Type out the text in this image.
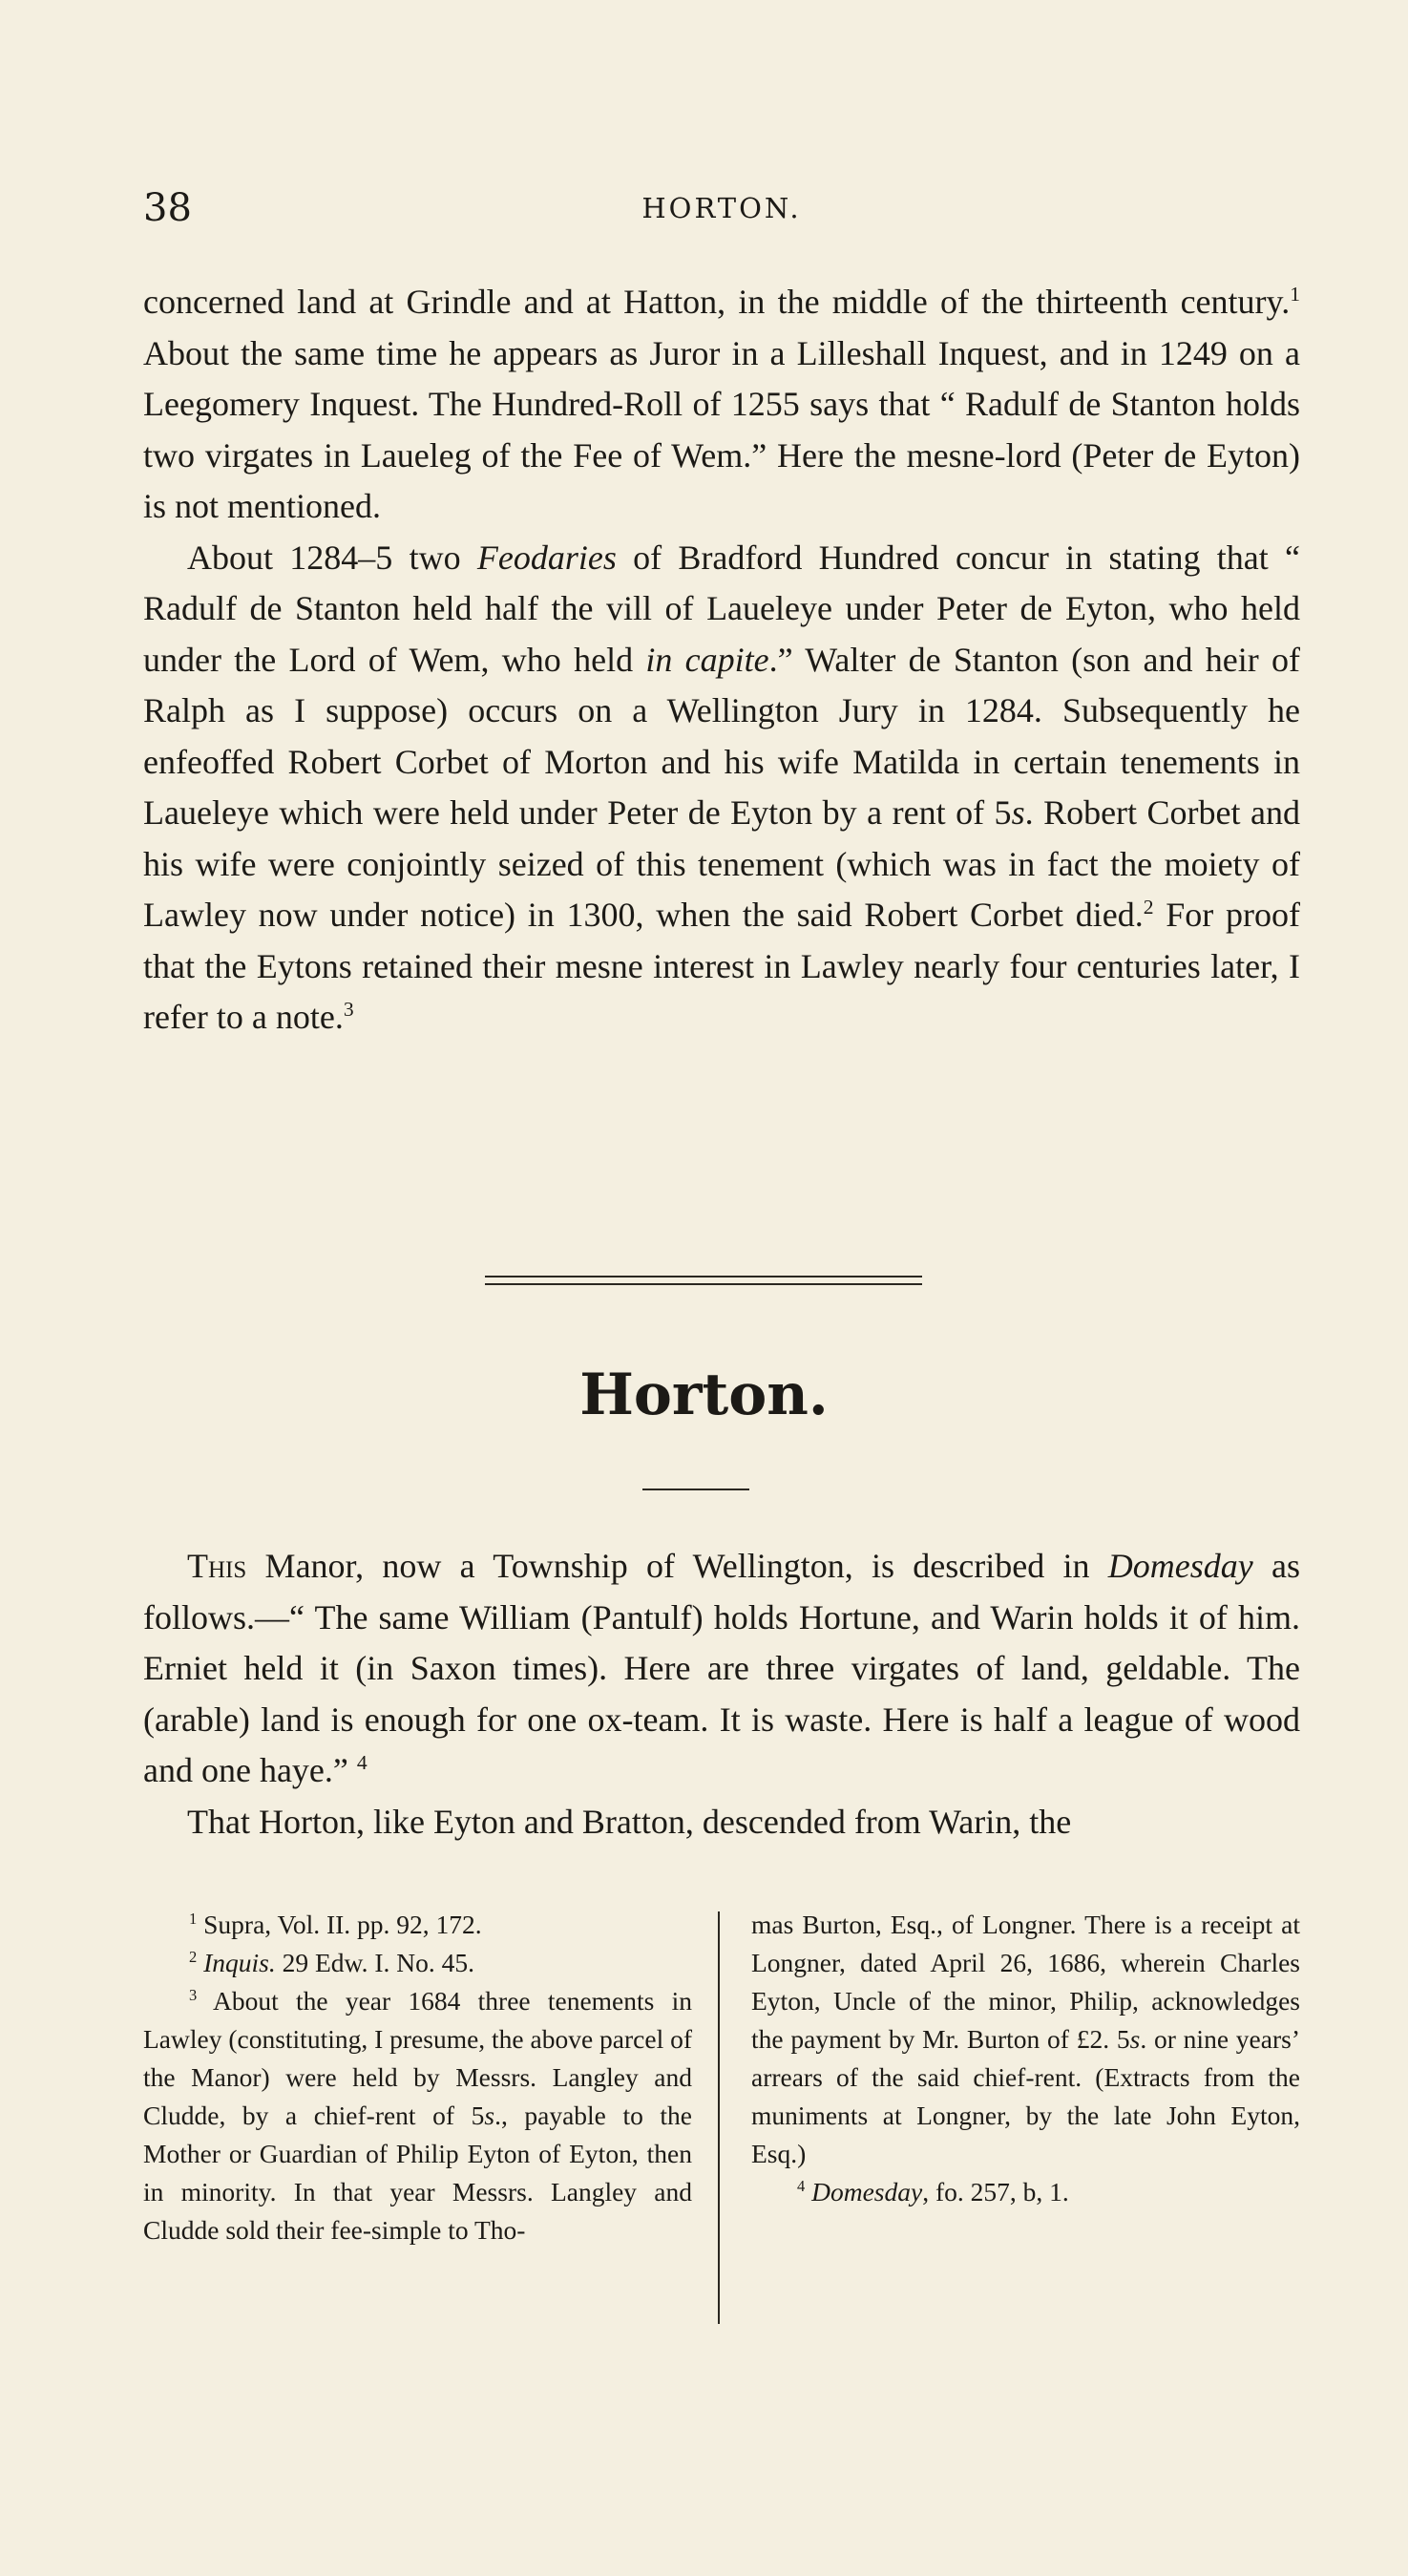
38	HORTON.

concerned land at Grindle and at Hatton, in the middle of the thirteenth century.$^1$ About the same time he appears as Juror in a Lilleshall Inquest, and in 1249 on a Leegomery Inquest. The Hundred-Roll of 1255 says that “ Radulf de Stanton holds two virgates in Laueleg of the Fee of Wem.” Here the mesne-lord (Peter de Eyton) is not mentioned.

About 1284–5 two Feodaries of Bradford Hundred concur in stating that “ Radulf de Stanton held half the vill of Laueleye under Peter de Eyton, who held under the Lord of Wem, who held in capite.” Walter de Stanton (son and heir of Ralph as I suppose) occurs on a Wellington Jury in 1284. Subsequently he enfeoffed Robert Corbet of Morton and his wife Matilda in certain tenements in Laueleye which were held under Peter de Eyton by a rent of 5s. Robert Corbet and his wife were conjointly seized of this tenement (which was in fact the moiety of Lawley now under notice) in 1300, when the said Robert Corbet died.$^2$ For proof that the Eytons retained their mesne interest in Lawley nearly four centuries later, I refer to a note.$^3$

Horton.

This Manor, now a Township of Wellington, is described in Domesday as follows.—“ The same William (Pantulf) holds Hortune, and Warin holds it of him. Erniet held it (in Saxon times). Here are three virgates of land, geldable. The (arable) land is enough for one ox-team. It is waste. Here is half a league of wood and one haye.” $^4$

That Horton, like Eyton and Bratton, descended from Warin, the

$^1$ Supra, Vol. II. pp. 92, 172.

$^2$ Inquis. 29 Edw. I. No. 45.

$^3$ About the year 1684 three tenements in Lawley (constituting, I presume, the above parcel of the Manor) were held by Messrs. Langley and Cludde, by a chief-rent of 5s., payable to the Mother or Guardian of Philip Eyton of Eyton, then in minority. In that year Messrs. Langley and Cludde sold their fee-simple to Tho-

mas Burton, Esq., of Longner. There is a receipt at Longner, dated April 26, 1686, wherein Charles Eyton, Uncle of the minor, Philip, acknowledges the payment by Mr. Burton of £2. 5s. or nine years’ arrears of the said chief-rent. (Extracts from the muniments at Longner, by the late John Eyton, Esq.)

$^4$ Domesday, fo. 257, b, 1.
